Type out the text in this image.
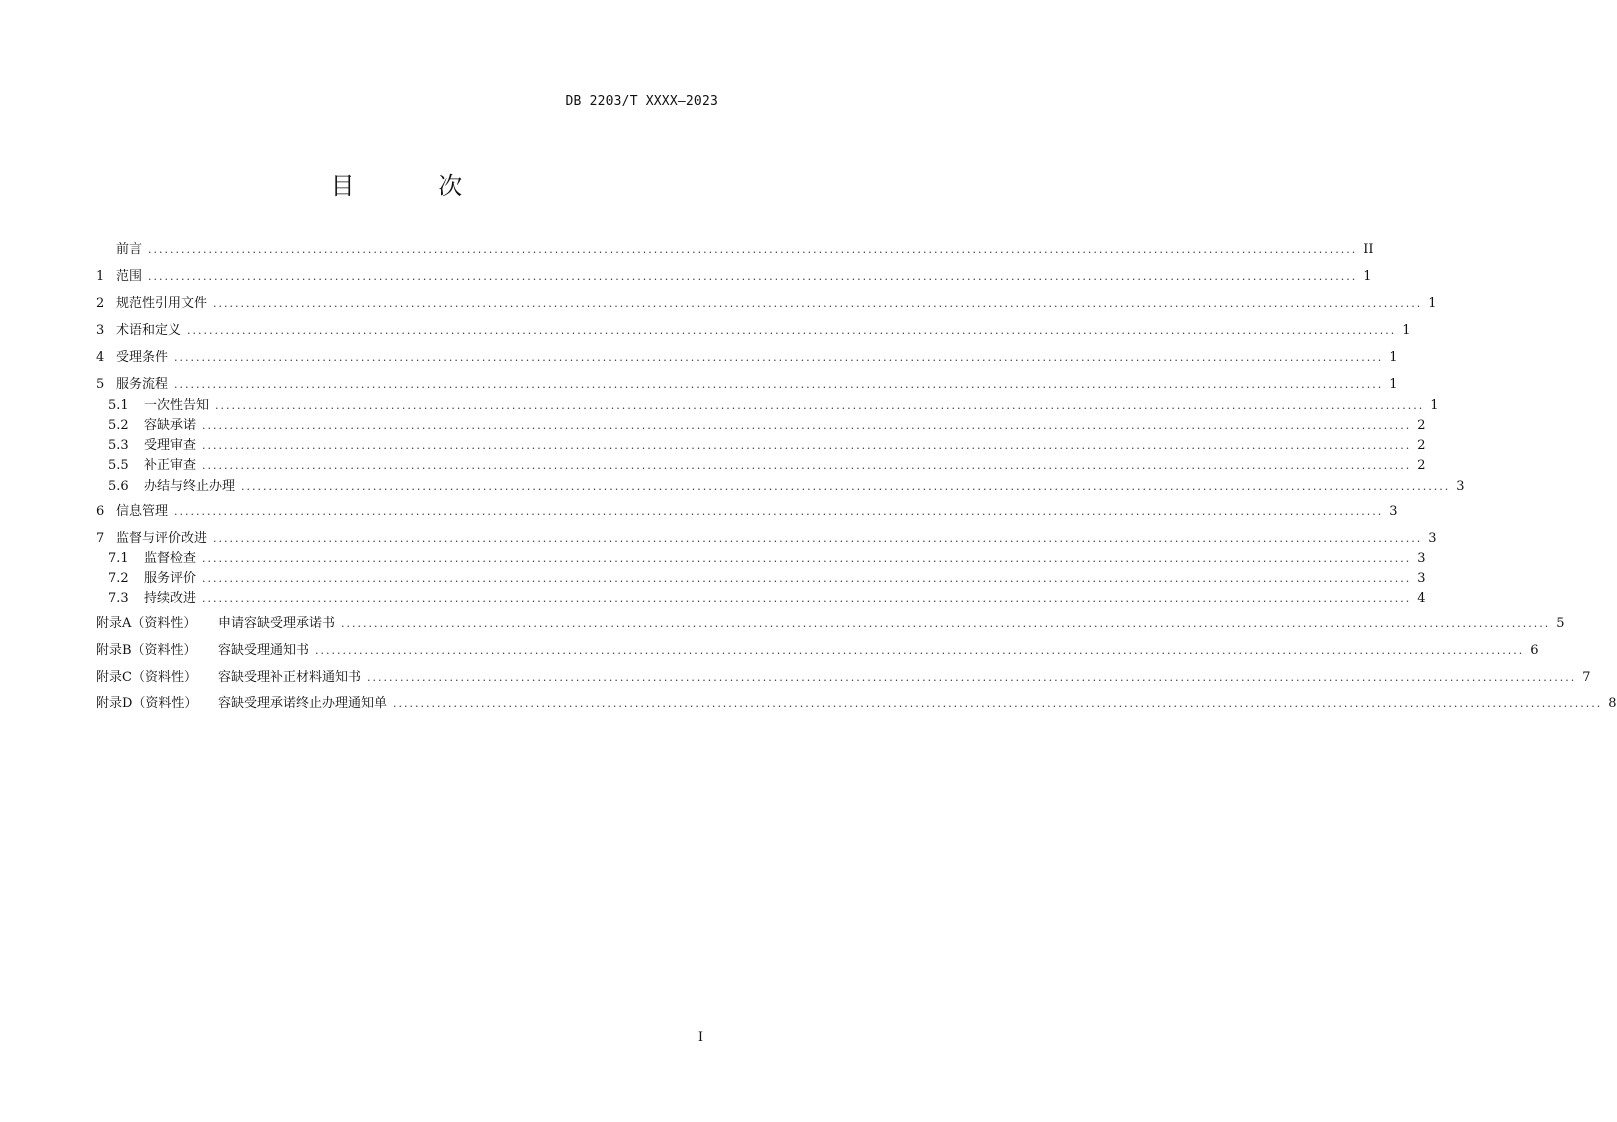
DB 2203/T XXXX—2023
目 次
前言 ............................................................................................................................................................................................................................ II
1 范围 ............................................................................................................................................................................................................................ 1
2 规范性引用文件 ............................................................................................................................................................................................................................ 1
3 术语和定义 ............................................................................................................................................................................................................................ 1
4 受理条件 ............................................................................................................................................................................................................................ 1
5 服务流程 ............................................................................................................................................................................................................................ 1
5.1 一次性告知 ............................................................................................................................................................................................................................ 1
5.2 容缺承诺 ............................................................................................................................................................................................................................ 2
5.3 受理审查 ............................................................................................................................................................................................................................ 2
5.5 补正审查 ............................................................................................................................................................................................................................ 2
5.6 办结与终止办理 ............................................................................................................................................................................................................................ 3
6 信息管理 ............................................................................................................................................................................................................................ 3
7 监督与评价改进 ............................................................................................................................................................................................................................ 3
7.1 监督检查 ............................................................................................................................................................................................................................ 3
7.2 服务评价 ............................................................................................................................................................................................................................ 3
7.3 持续改进 ............................................................................................................................................................................................................................ 4
附录A（资料性） 申请容缺受理承诺书 ............................................................................................................................................................................................................................ 5
附录B（资料性） 容缺受理通知书 ............................................................................................................................................................................................................................ 6
附录C（资料性） 容缺受理补正材料通知书 ............................................................................................................................................................................................................................ 7
附录D（资料性） 容缺受理承诺终止办理通知单 ............................................................................................................................................................................................................................ 8
I
